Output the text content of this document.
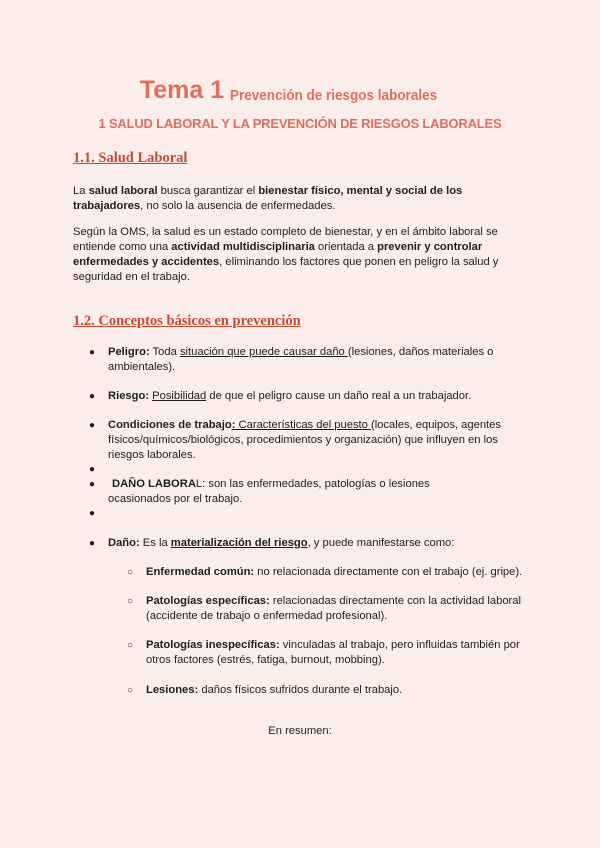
Tema 1 Prevención de riesgos laborales
1 SALUD LABORAL Y LA PREVENCIÓN DE RIESGOS LABORALES
1.1. Salud Laboral
La salud laboral busca garantizar el bienestar físico, mental y social de los trabajadores, no solo la ausencia de enfermedades.
Según la OMS, la salud es un estado completo de bienestar, y en el ámbito laboral se entiende como una actividad multidisciplinaria orientada a prevenir y controlar enfermedades y accidentes, eliminando los factores que ponen en peligro la salud y seguridad en el trabajo.
1.2. Conceptos básicos en prevención
● Peligro: Toda situación que puede causar daño (lesiones, daños materiales o ambientales).
● Riesgo: Posibilidad de que el peligro cause un daño real a un trabajador.
● Condiciones de trabajo: Características del puesto (locales, equipos, agentes físicos/químicos/biológicos, procedimientos y organización) que influyen en los riesgos laborales.
●
● DAÑO LABORAL: son las enfermedades, patologías o lesiones
ocasionados por el trabajo.
●
● Daño: Es la materialización del riesgo, y puede manifestarse como:
○ Enfermedad común: no relacionada directamente con el trabajo (ej. gripe).
○ Patologías específicas: relacionadas directamente con la actividad laboral (accidente de trabajo o enfermedad profesional).
○ Patologías inespecíficas: vinculadas al trabajo, pero influidas también por otros factores (estrés, fatiga, burnout, mobbing).
○ Lesiones: daños físicos sufridos durante el trabajo.
En resumen:
